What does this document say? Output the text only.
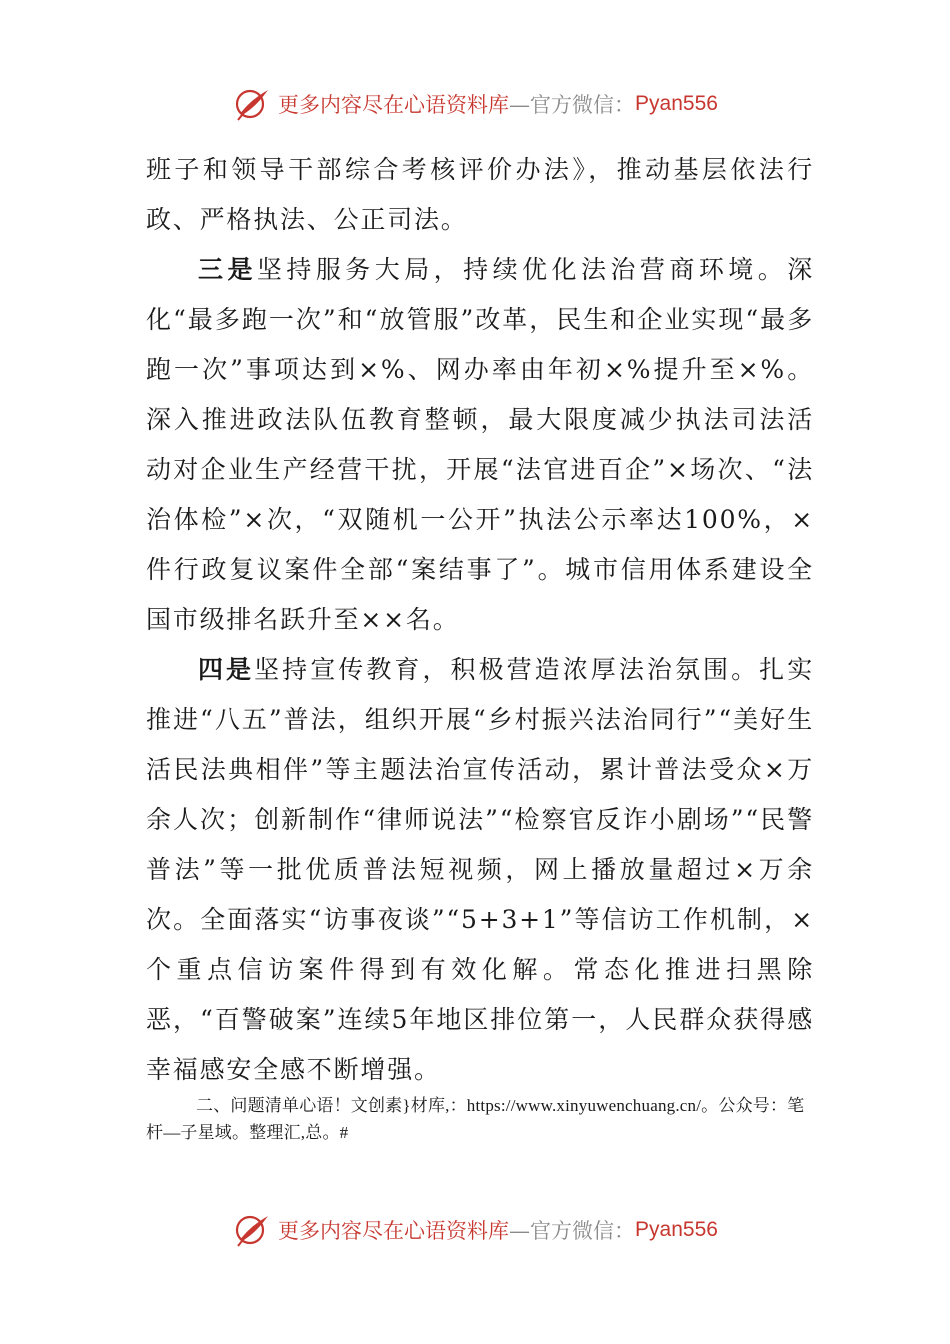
更多内容尽在心语资料库 —官方微信： Pyan556

班子和领导干部综合考核评价办法》，推动基层依法行政、严格执法、公正司法。

三是坚持服务大局，持续优化法治营商环境。深化“最多跑一次”和“放管服”改革，民生和企业实现“最多跑一次”事项达到×%、网办率由年初×%提升至×%。深入推进政法队伍教育整顿，最大限度减少执法司法活动对企业生产经营干扰，开展“法官进百企”×场次、“法治体检”×次，“双随机一公开”执法公示率达100%，×件行政复议案件全部“案结事了”。城市信用体系建设全国市级排名跃升至××名。

四是坚持宣传教育，积极营造浓厚法治氛围。扎实推进“八五”普法，组织开展“乡村振兴法治同行”“美好生活民法典相伴”等主题法治宣传活动，累计普法受众×万余人次；创新制作“律师说法”“检察官反诈小剧场”“民警普法”等一批优质普法短视频，网上播放量超过×万余次。全面落实“访事夜谈”“5+3+1”等信访工作机制，×个重点信访案件得到有效化解。常态化推进扫黑除恶，“百警破案”连续5年地区排位第一，人民群众获得感幸福感安全感不断增强。

二、问题清单心语！文创素}材库,：https://www.xinyuwenchuang.cn/。公众号：笔杆—子星域。整理汇,总。#
更多内容尽在心语资料库 —官方微信： Pyan556
